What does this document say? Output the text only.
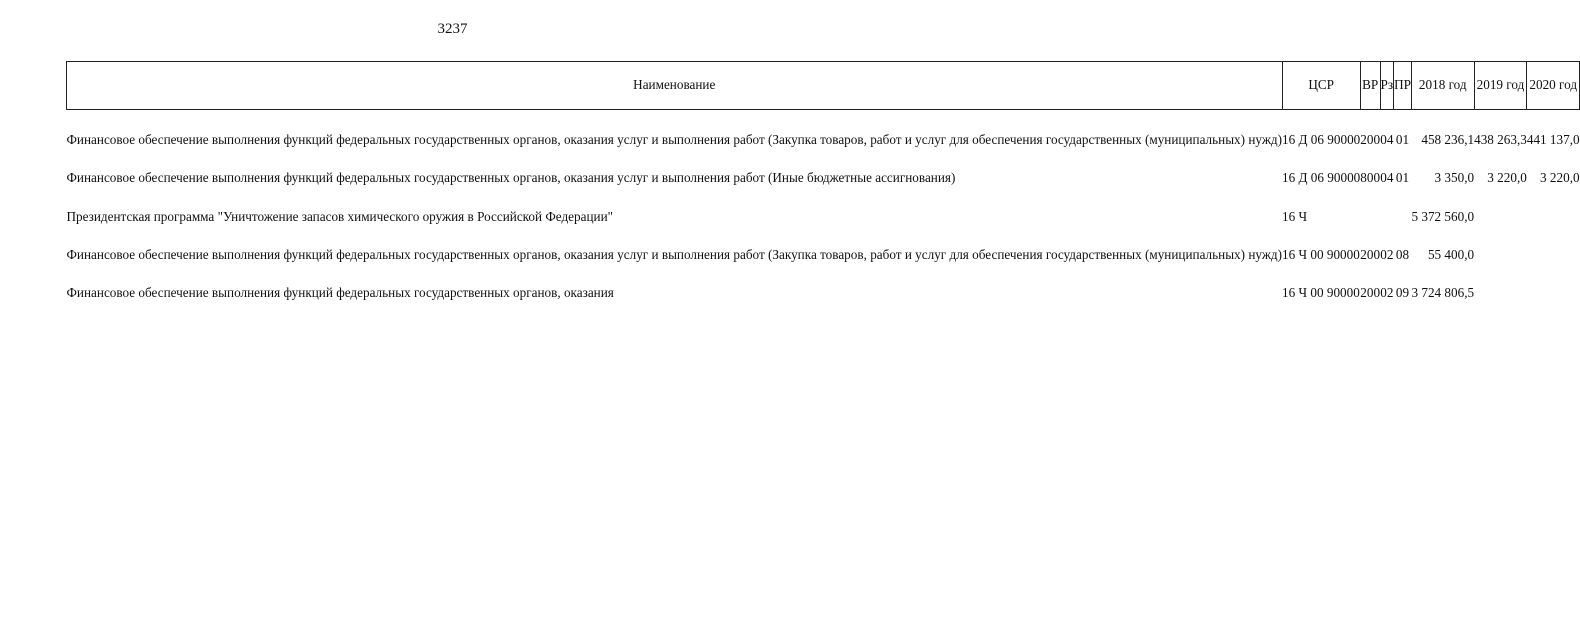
3237
Наименование	ЦСР	ВР	Рз	ПР	2018 год	2019 год	2020 год

Финансовое обеспечение выполнения функций федеральных государственных органов, оказания услуг и выполнения работ (Закупка товаров, работ и услуг для обеспечения государственных (муниципальных) нужд)	16 Д 06 90000	200	04	01	458 236,1	438 263,3	441 137,0

Финансовое обеспечение выполнения функций федеральных государственных органов, оказания услуг и выполнения работ (Иные бюджетные ассигнования)	16 Д 06 90000	800	04	01	3 350,0	3 220,0	3 220,0

Президентская программа "Уничтожение запасов химического оружия в Российской Федерации"	16 Ч				5 372 560,0		

Финансовое обеспечение выполнения функций федеральных государственных органов, оказания услуг и выполнения работ (Закупка товаров, работ и услуг для обеспечения государственных (муниципальных) нужд)	16 Ч 00 90000	200	02	08	55 400,0		

Финансовое обеспечение выполнения функций федеральных государственных органов, оказания	16 Ч 00 90000	200	02	09	3 724 806,5		
